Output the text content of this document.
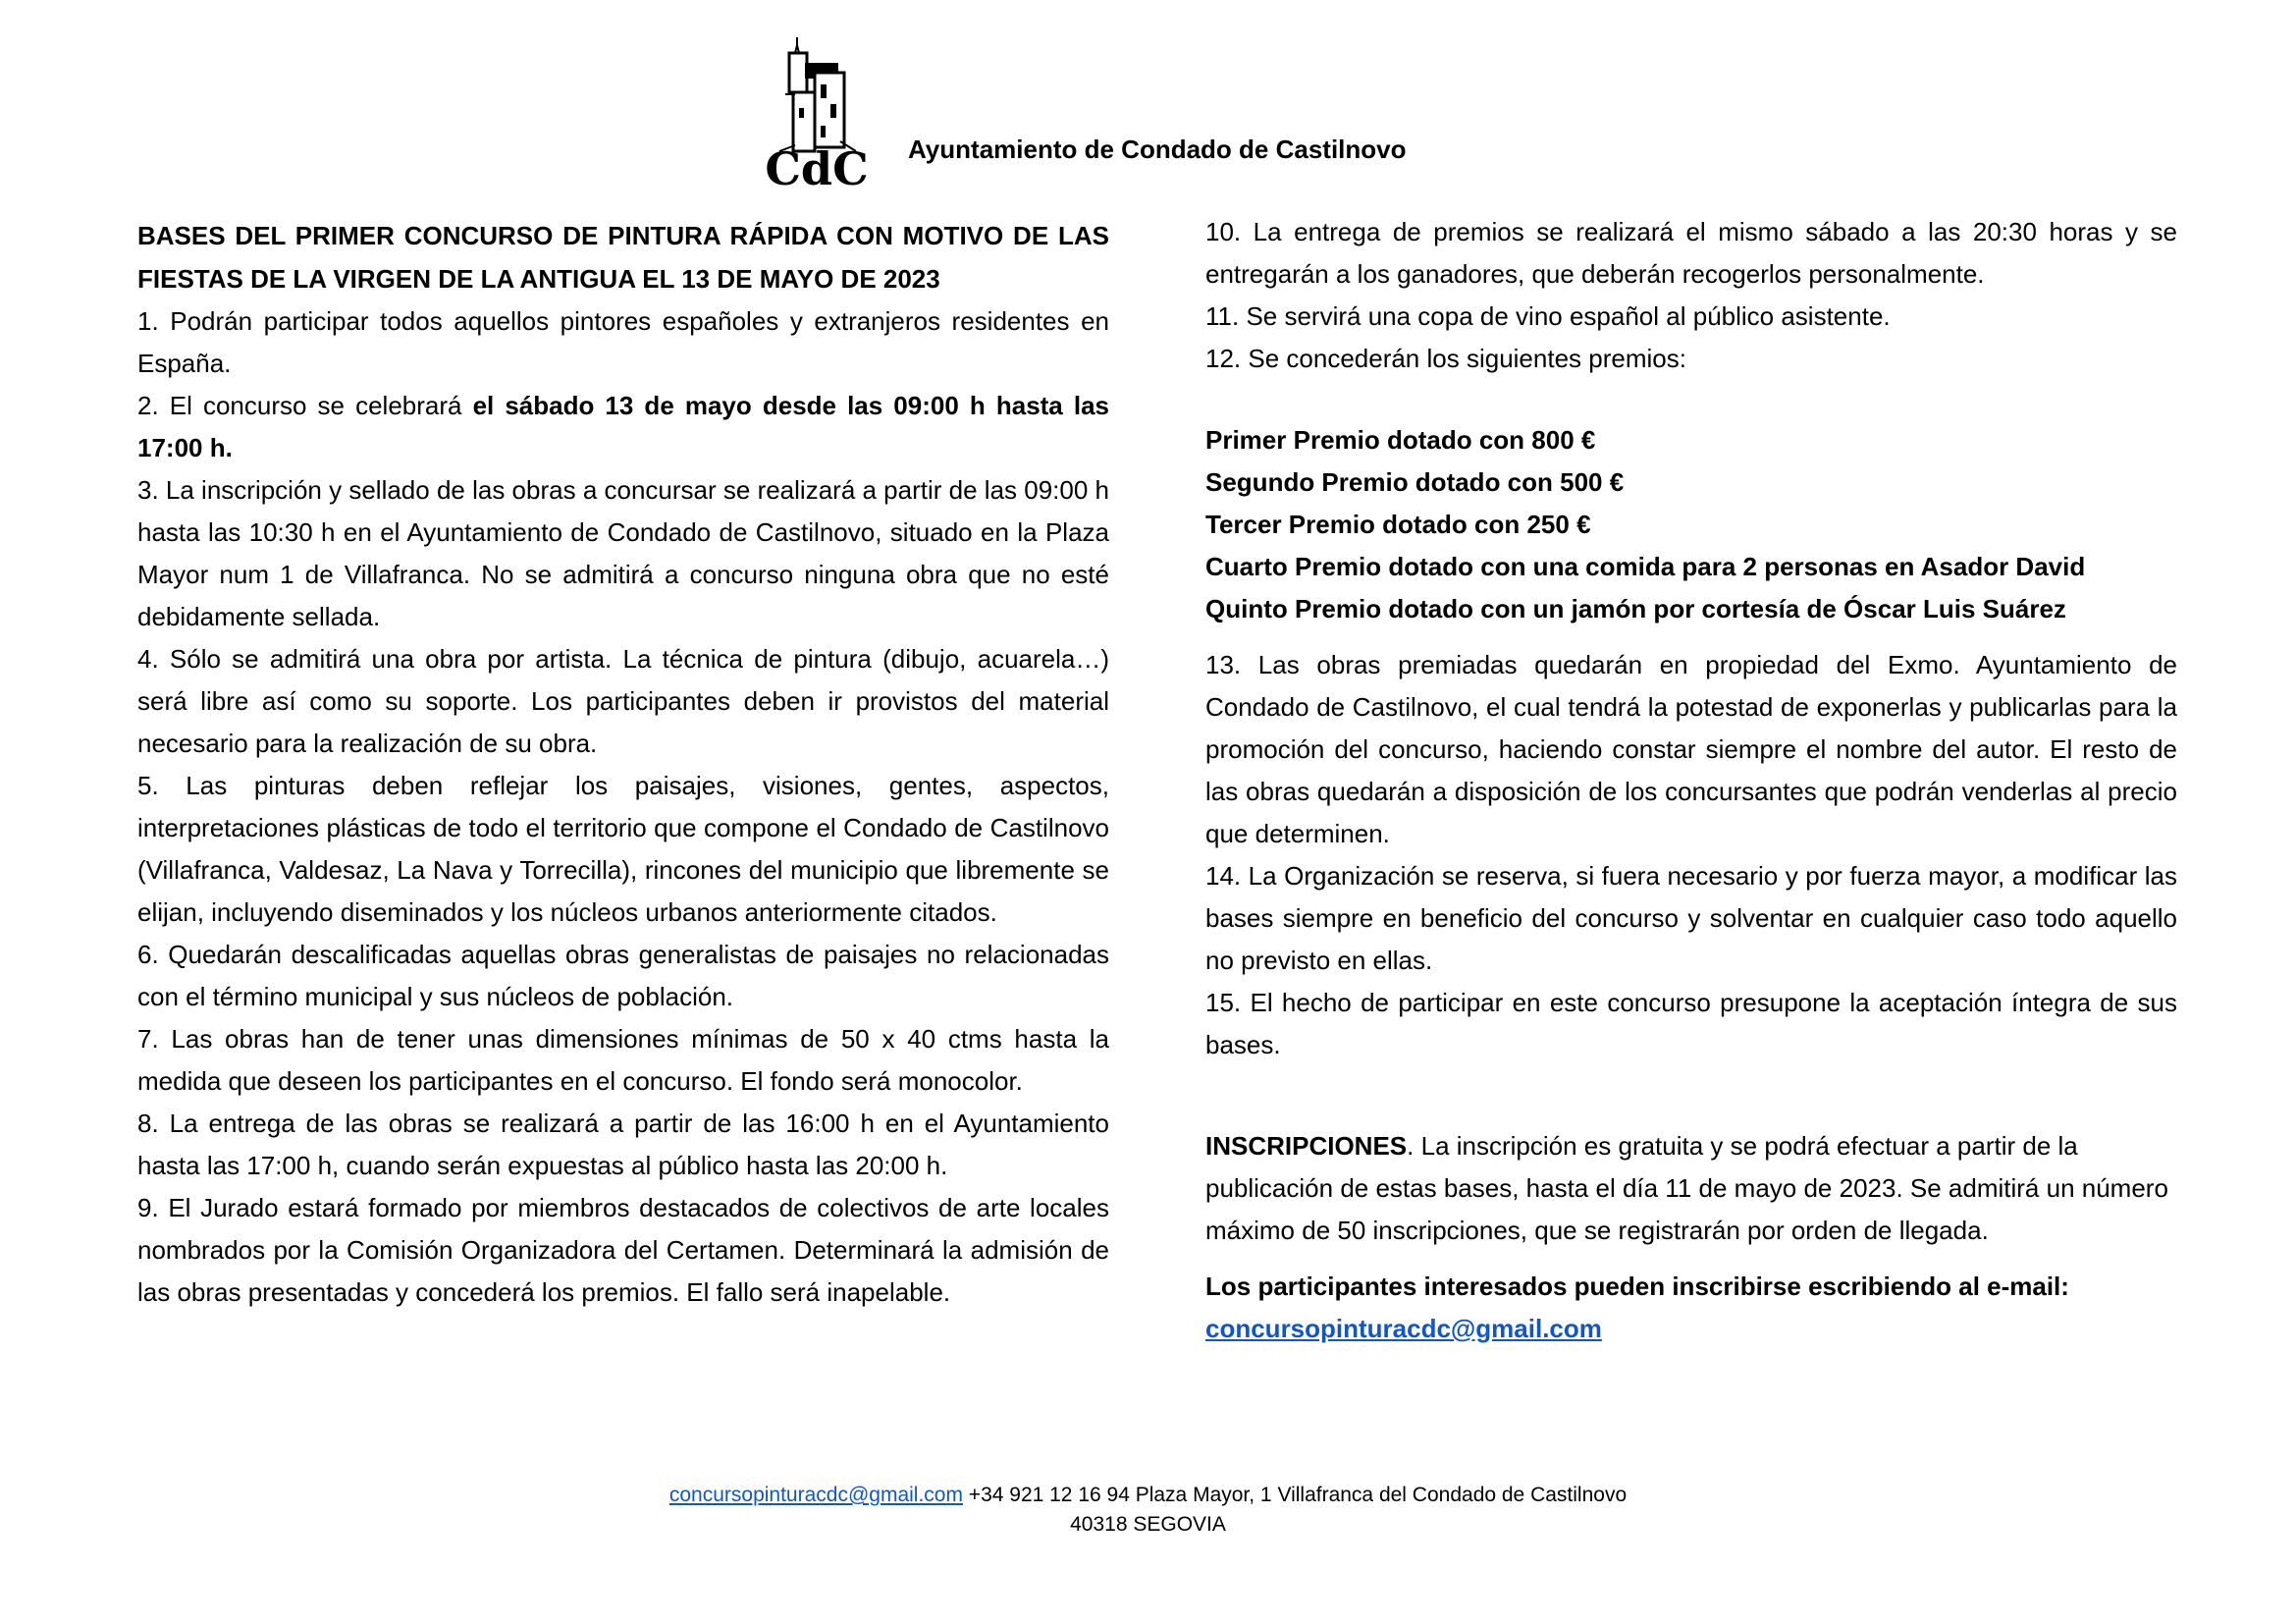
CdC Ayuntamiento de Condado de Castilnovo

BASES DEL PRIMER CONCURSO DE PINTURA RÁPIDA CON MOTIVO DE LAS FIESTAS DE LA VIRGEN DE LA ANTIGUA EL 13 DE MAYO DE 2023

1. Podrán participar todos aquellos pintores españoles y extranjeros residentes en España.

2. El concurso se celebrará el sábado 13 de mayo desde las 09:00 h hasta las 17:00 h.

3. La inscripción y sellado de las obras a concursar se realizará a partir de las 09:00 h hasta las 10:30 h en el Ayuntamiento de Condado de Castilnovo, situado en la Plaza Mayor num 1 de Villafranca. No se admitirá a concurso ninguna obra que no esté debidamente sellada.

4. Sólo se admitirá una obra por artista. La técnica de pintura (dibujo, acuarela…) será libre así como su soporte. Los participantes deben ir provistos del material necesario para la realización de su obra.

5. Las pinturas deben reflejar los paisajes, visiones, gentes, aspectos, interpretaciones plásticas de todo el territorio que compone el Condado de Castilnovo (Villafranca, Valdesaz, La Nava y Torrecilla), rincones del municipio que libremente se elijan, incluyendo diseminados y los núcleos urbanos anteriormente citados.

6. Quedarán descalificadas aquellas obras generalistas de paisajes no relacionadas con el término municipal y sus núcleos de población.

7. Las obras han de tener unas dimensiones mínimas de 50 x 40 ctms hasta la medida que deseen los participantes en el concurso. El fondo será monocolor.

8. La entrega de las obras se realizará a partir de las 16:00 h en el Ayuntamiento hasta las 17:00 h, cuando serán expuestas al público hasta las 20:00 h.

9. El Jurado estará formado por miembros destacados de colectivos de arte locales nombrados por la Comisión Organizadora del Certamen. Determinará la admisión de las obras presentadas y concederá los premios. El fallo será inapelable.

10. La entrega de premios se realizará el mismo sábado a las 20:30 horas y se entregarán a los ganadores, que deberán recogerlos personalmente.

11. Se servirá una copa de vino español al público asistente.

12. Se concederán los siguientes premios:

Primer Premio dotado con 800 €
Segundo Premio dotado con 500 €
Tercer Premio dotado con 250 €
Cuarto Premio dotado con una comida para 2 personas en Asador David
Quinto Premio dotado con un jamón por cortesía de Óscar Luis Suárez

13. Las obras premiadas quedarán en propiedad del Exmo. Ayuntamiento de Condado de Castilnovo, el cual tendrá la potestad de exponerlas y publicarlas para la promoción del concurso, haciendo constar siempre el nombre del autor. El resto de las obras quedarán a disposición de los concursantes que podrán venderlas al precio que determinen.

14. La Organización se reserva, si fuera necesario y por fuerza mayor, a modificar las bases siempre en beneficio del concurso y solventar en cualquier caso todo aquello no previsto en ellas.

15. El hecho de participar en este concurso presupone la aceptación íntegra de sus bases.

INSCRIPCIONES. La inscripción es gratuita y se podrá efectuar a partir de la publicación de estas bases, hasta el día 11 de mayo de 2023. Se admitirá un número máximo de 50 inscripciones, que se registrarán por orden de llegada.

Los participantes interesados pueden inscribirse escribiendo al e-mail:

concursopinturacdc@gmail.com

concursopinturacdc@gmail.com +34 921 12 16 94 Plaza Mayor, 1 Villafranca del Condado de Castilnovo
40318 SEGOVIA
